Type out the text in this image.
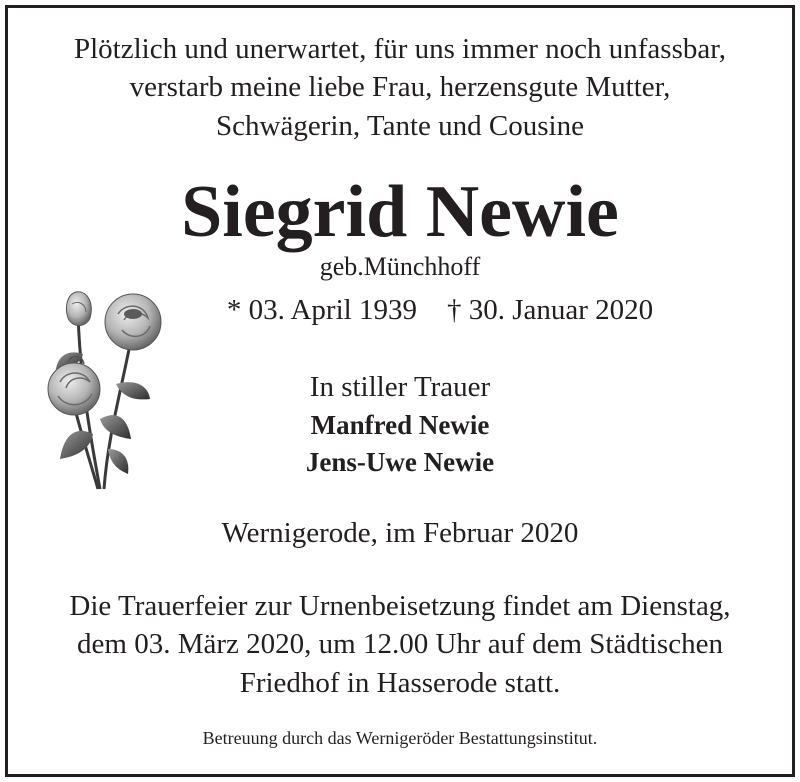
Plötzlich und unerwartet, für uns immer noch unfassbar,
verstarb meine liebe Frau, herzensgute Mutter,
Schwägerin, Tante und Cousine
Siegrid Newie
geb.Münchhoff
* 03. April 1939 † 30. Januar 2020
In stiller Trauer
Manfred Newie
Jens-Uwe Newie
Wernigerode, im Februar 2020
Die Trauerfeier zur Urnenbeisetzung findet am Dienstag,
dem 03. März 2020, um 12.00 Uhr auf dem Städtischen
Friedhof in Hasserode statt.
Betreuung durch das Wernigeröder Bestattungsinstitut.
